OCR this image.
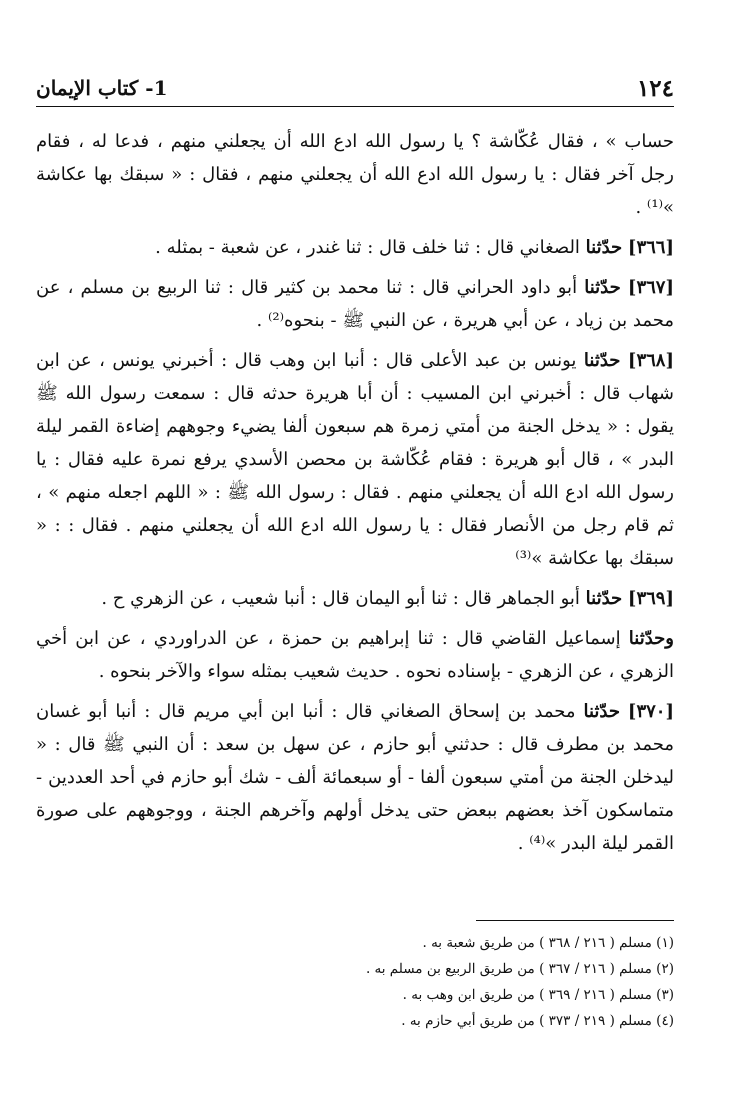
١٢٤
1- كتاب الإيمان

حساب » ، فقال عُكّاشة ؟ يا رسول الله ادع الله أن يجعلني منهم ، فدعا له ، فقام رجل آخر فقال : يا رسول الله ادع الله أن يجعلني منهم ، فقال : « سبقك بها عكاشة »⁽¹⁾ .

[٣٦٦] حدّثنا الصغاني قال : ثنا خلف قال : ثنا غندر ، عن شعبة - بمثله .

[٣٦٧] حدّثنا أبو داود الحراني قال : ثنا محمد بن كثير قال : ثنا الربيع بن مسلم ، عن محمد بن زياد ، عن أبي هريرة ، عن النبي ﷺ - بنحوه⁽²⁾ .

[٣٦٨] حدّثنا يونس بن عبد الأعلى قال : أنبا ابن وهب قال : أخبرني يونس ، عن ابن شهاب قال : أخبرني ابن المسيب : أن أبا هريرة حدثه قال : سمعت رسول الله ﷺ يقول : « يدخل الجنة من أمتي زمرة هم سبعون ألفا يضيء وجوههم إضاءة القمر ليلة البدر » ، قال أبو هريرة : فقام عُكّاشة بن محصن الأسدي يرفع نمرة عليه فقال : يا رسول الله ادع الله أن يجعلني منهم . فقال : رسول الله ﷺ : « اللهم اجعله منهم » ، ثم قام رجل من الأنصار فقال : يا رسول الله ادع الله أن يجعلني منهم . فقال : : « سبقك بها عكاشة »⁽³⁾

[٣٦٩] حدّثنا أبو الجماهر قال : ثنا أبو اليمان قال : أنبا شعيب ، عن الزهري ح .

وحدّثنا إسماعيل القاضي قال : ثنا إبراهيم بن حمزة ، عن الدراوردي ، عن ابن أخي الزهري ، عن الزهري - بإسناده نحوه . حديث شعيب بمثله سواء والآخر بنحوه .

[٣٧٠] حدّثنا محمد بن إسحاق الصغاني قال : أنبا ابن أبي مريم قال : أنبا أبو غسان محمد بن مطرف قال : حدثني أبو حازم ، عن سهل بن سعد : أن النبي ﷺ قال : « ليدخلن الجنة من أمتي سبعون ألفا - أو سبعمائة ألف - شك أبو حازم في أحد العددين - متماسكون آخذ بعضهم ببعض حتى يدخل أولهم وآخرهم الجنة ، ووجوههم على صورة القمر ليلة البدر »⁽⁴⁾ .

(١) مسلم ( ٢١٦ / ٣٦٨ ) من طريق شعبة به .
(٢) مسلم ( ٢١٦ / ٣٦٧ ) من طريق الربيع بن مسلم به .
(٣) مسلم ( ٢١٦ / ٣٦٩ ) من طريق ابن وهب به .
(٤) مسلم ( ٢١٩ / ٣٧٣ ) من طريق أبي حازم به .
